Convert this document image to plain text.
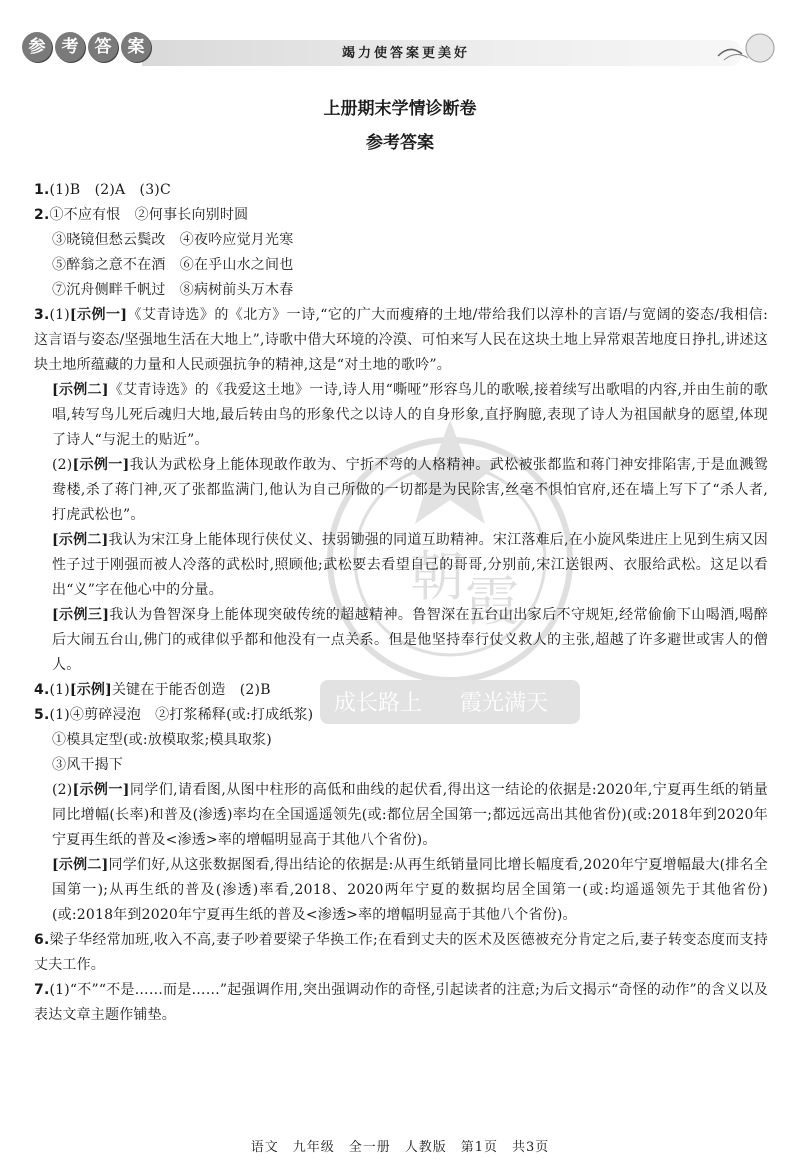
参 考 答 案	竭力使答案更美好
上册期末学情诊断卷
参考答案
朝 霞
成长路上 霞光满天

1.(1)B　(2)A　(3)C

2.①不应有恨　②何事长向别时圆

③晓镜但愁云鬓改　④夜吟应觉月光寒

⑤醉翁之意不在酒　⑥在乎山水之间也

⑦沉舟侧畔千帆过　⑧病树前头万木春

3.(1)[示例一]《艾青诗选》的《北方》一诗,“它的广大而瘦瘠的土地/带给我们以淳朴的言语/与宽阔的姿态/我相信:这言语与姿态/坚强地生活在大地上”,诗歌中借大环境的冷漠、可怕来写人民在这块土地上异常艰苦地度日挣扎,讲述这块土地所蕴藏的力量和人民顽强抗争的精神,这是“对土地的歌吟”。

[示例二]《艾青诗选》的《我爱这土地》一诗,诗人用“嘶哑”形容鸟儿的歌喉,接着续写出歌唱的内容,并由生前的歌唱,转写鸟儿死后魂归大地,最后转由鸟的形象代之以诗人的自身形象,直抒胸臆,表现了诗人为祖国献身的愿望,体现了诗人“与泥土的贴近”。

(2)[示例一]我认为武松身上能体现敢作敢为、宁折不弯的人格精神。武松被张都监和蒋门神安排陷害,于是血溅鸳鸯楼,杀了蒋门神,灭了张都监满门,他认为自己所做的一切都是为民除害,丝毫不惧怕官府,还在墙上写下了“杀人者,打虎武松也”。

[示例二]我认为宋江身上能体现行侠仗义、扶弱锄强的同道互助精神。宋江落难后,在小旋风柴进庄上见到生病又因性子过于刚强而被人冷落的武松时,照顾他;武松要去看望自己的哥哥,分别前,宋江送银两、衣服给武松。这足以看出“义”字在他心中的分量。

[示例三]我认为鲁智深身上能体现突破传统的超越精神。鲁智深在五台山出家后不守规矩,经常偷偷下山喝酒,喝醉后大闹五台山,佛门的戒律似乎都和他没有一点关系。但是他坚持奉行仗义救人的主张,超越了许多避世或害人的僧人。

4.(1)[示例]关键在于能否创造　(2)B

5.(1)④剪碎浸泡　②打浆稀释(或:打成纸浆)

①模具定型(或:放模取浆;模具取浆)

③风干揭下

(2)[示例一]同学们,请看图,从图中柱形的高低和曲线的起伏看,得出这一结论的依据是:2020年,宁夏再生纸的销量同比增幅(长率)和普及(渗透)率均在全国遥遥领先(或:都位居全国第一;都远远高出其他省份)(或:2018年到2020年宁夏再生纸的普及<渗透>率的增幅明显高于其他八个省份)。

[示例二]同学们好,从这张数据图看,得出结论的依据是:从再生纸销量同比增长幅度看,2020年宁夏增幅最大(排名全国第一);从再生纸的普及(渗透)率看,2018、2020两年宁夏的数据均居全国第一(或:均遥遥领先于其他省份)(或:2018年到2020年宁夏再生纸的普及<渗透>率的增幅明显高于其他八个省份)。

6.梁子华经常加班,收入不高,妻子吵着要梁子华换工作;在看到丈夫的医术及医德被充分肯定之后,妻子转变态度而支持丈夫工作。

7.(1)“不”“不是……而是……”起强调作用,突出强调动作的奇怪,引起读者的注意;为后文揭示“奇怪的动作”的含义以及表达文章主题作铺垫。

语文　九年级　全一册　人教版　第1页　共3页
